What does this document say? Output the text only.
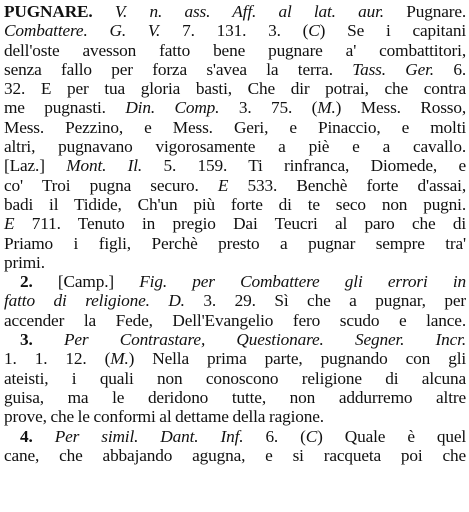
PUGNARE. V. n. ass. Aff. al lat. aur. Pugnare.
Combattere. G. V. 7. 131. 3. (C) Se i capitani
dell'oste avesson fatto bene pugnare a' combattitori,
senza fallo per forza s'avea la terra. Tass. Ger. 6.
32. E per tua gloria basti, Che dir potrai, che contra
me pugnasti. Din. Comp. 3. 75. (M.) Mess. Rosso,
Mess. Pezzino, e Mess. Geri, e Pinaccio, e molti
altri, pugnavano vigorosamente a piè e a cavallo.
[Laz.] Mont. Il. 5. 159. Ti rinfranca, Diomede, e
co' Troi pugna securo. E 533. Benchè forte d'assai,
badi il Tidide, Ch'un più forte di te seco non pugni.
E 711. Tenuto in pregio Dai Teucri al paro che di
Priamo i figli, Perchè presto a pugnar sempre tra'
primi.
2. [Camp.] Fig. per Combattere gli errori in
fatto di religione. D. 3. 29. Sì che a pugnar, per
accender la Fede, Dell'Evangelio fero scudo e lance.
3. Per Contrastare, Questionare. Segner. Incr.
1. 1. 12. (M.) Nella prima parte, pugnando con gli
ateisti, i quali non conoscono religione di alcuna
guisa, ma le deridono tutte, non addurremo altre
prove, che le conformi al dettame della ragione.
4. Per simil. Dant. Inf. 6. (C) Quale è quel
cane, che abbajando agugna, e si racqueta poi che
